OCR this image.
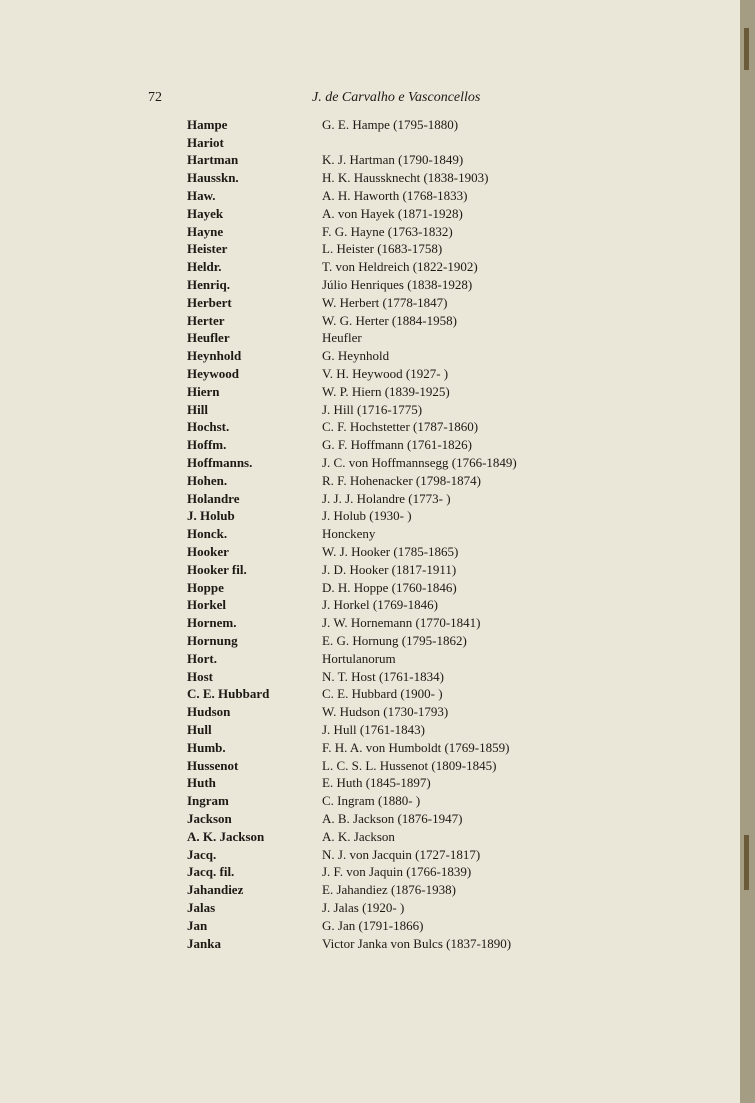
72	J. de Carvalho e Vasconcellos
Hampe	G. E. Hampe (1795-1880)
Hariot
Hartman	K. J. Hartman (1790-1849)
Hausskn.	H. K. Haussknecht (1838-1903)
Haw.	A. H. Haworth (1768-1833)
Hayek	A. von Hayek (1871-1928)
Hayne	F. G. Hayne (1763-1832)
Heister	L. Heister (1683-1758)
Heldr.	T. von Heldreich (1822-1902)
Henriq.	Júlio Henriques (1838-1928)
Herbert	W. Herbert (1778-1847)
Herter	W. G. Herter (1884-1958)
Heufler	Heufler
Heynhold	G. Heynhold
Heywood	V. H. Heywood (1927- )
Hiern	W. P. Hiern (1839-1925)
Hill	J. Hill (1716-1775)
Hochst.	C. F. Hochstetter (1787-1860)
Hoffm.	G. F. Hoffmann (1761-1826)
Hoffmanns.	J. C. von Hoffmannsegg (1766-1849)
Hohen.	R. F. Hohenacker (1798-1874)
Holandre	J. J. J. Holandre (1773- )
J. Holub	J. Holub (1930- )
Honck.	Honckeny
Hooker	W. J. Hooker (1785-1865)
Hooker fil.	J. D. Hooker (1817-1911)
Hoppe	D. H. Hoppe (1760-1846)
Horkel	J. Horkel (1769-1846)
Hornem.	J. W. Hornemann (1770-1841)
Hornung	E. G. Hornung (1795-1862)
Hort.	Hortulanorum
Host	N. T. Host (1761-1834)
C. E. Hubbard	C. E. Hubbard (1900- )
Hudson	W. Hudson (1730-1793)
Hull	J. Hull (1761-1843)
Humb.	F. H. A. von Humboldt (1769-1859)
Hussenot	L. C. S. L. Hussenot (1809-1845)
Huth	E. Huth (1845-1897)
Ingram	C. Ingram (1880- )
Jackson	A. B. Jackson (1876-1947)
A. K. Jackson	A. K. Jackson
Jacq.	N. J. von Jacquin (1727-1817)
Jacq. fil.	J. F. von Jaquin (1766-1839)
Jahandiez	E. Jahandiez (1876-1938)
Jalas	J. Jalas (1920- )
Jan	G. Jan (1791-1866)
Janka	Victor Janka von Bulcs (1837-1890)
